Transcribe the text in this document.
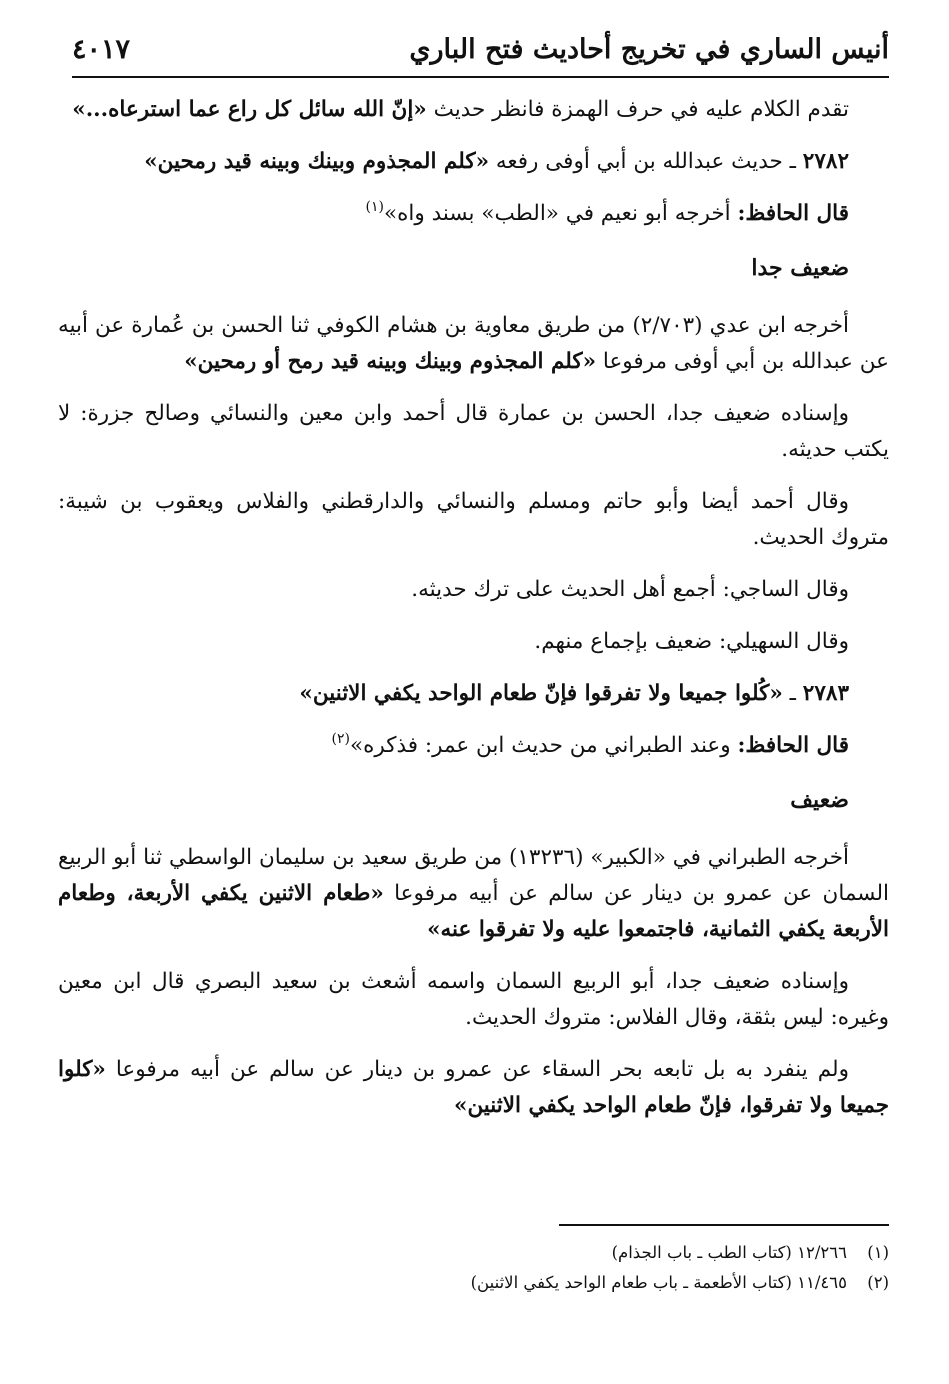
أنيس الساري في تخريج أحاديث فتح الباري
٤٠١٧

تقدم الكلام عليه في حرف الهمزة فانظر حديث «إنّ الله سائل كل راع عما استرعاه...»

٢٧٨٢ ـ حديث عبدالله بن أبي أوفى رفعه «كلم المجذوم وبينك وبينه قيد رمحين»

قال الحافظ: أخرجه أبو نعيم في «الطب» بسند واه»$^{(١)}$

ضعيف جدا

أخرجه ابن عدي (٢/٧٠٣) من طريق معاوية بن هشام الكوفي ثنا الحسن بن عُمارة عن أبيه عن عبدالله بن أبي أوفى مرفوعا «كلم المجذوم وبينك وبينه قيد رمح أو رمحين»

وإسناده ضعيف جدا، الحسن بن عمارة قال أحمد وابن معين والنسائي وصالح جزرة: لا يكتب حديثه.

وقال أحمد أيضا وأبو حاتم ومسلم والنسائي والدارقطني والفلاس ويعقوب بن شيبة: متروك الحديث.

وقال الساجي: أجمع أهل الحديث على ترك حديثه.

وقال السهيلي: ضعيف بإجماع منهم.

٢٧٨٣ ـ «كُلوا جميعا ولا تفرقوا فإنّ طعام الواحد يكفي الاثنين»

قال الحافظ: وعند الطبراني من حديث ابن عمر: فذكره»$^{(٢)}$

ضعيف

أخرجه الطبراني في «الكبير» (١٣٢٣٦) من طريق سعيد بن سليمان الواسطي ثنا أبو الربيع السمان عن عمرو بن دينار عن سالم عن أبيه مرفوعا «طعام الاثنين يكفي الأربعة، وطعام الأربعة يكفي الثمانية، فاجتمعوا عليه ولا تفرقوا عنه»

وإسناده ضعيف جدا، أبو الربيع السمان واسمه أشعث بن سعيد البصري قال ابن معين وغيره: ليس بثقة، وقال الفلاس: متروك الحديث.

ولم ينفرد به بل تابعه بحر السقاء عن عمرو بن دينار عن سالم عن أبيه مرفوعا «كلوا جميعا ولا تفرقوا، فإنّ طعام الواحد يكفي الاثنين»

(١)١٢/٢٦٦ (كتاب الطب ـ باب الجذام)
(٢)١١/٤٦٥ (كتاب الأطعمة ـ باب طعام الواحد يكفي الاثنين)
